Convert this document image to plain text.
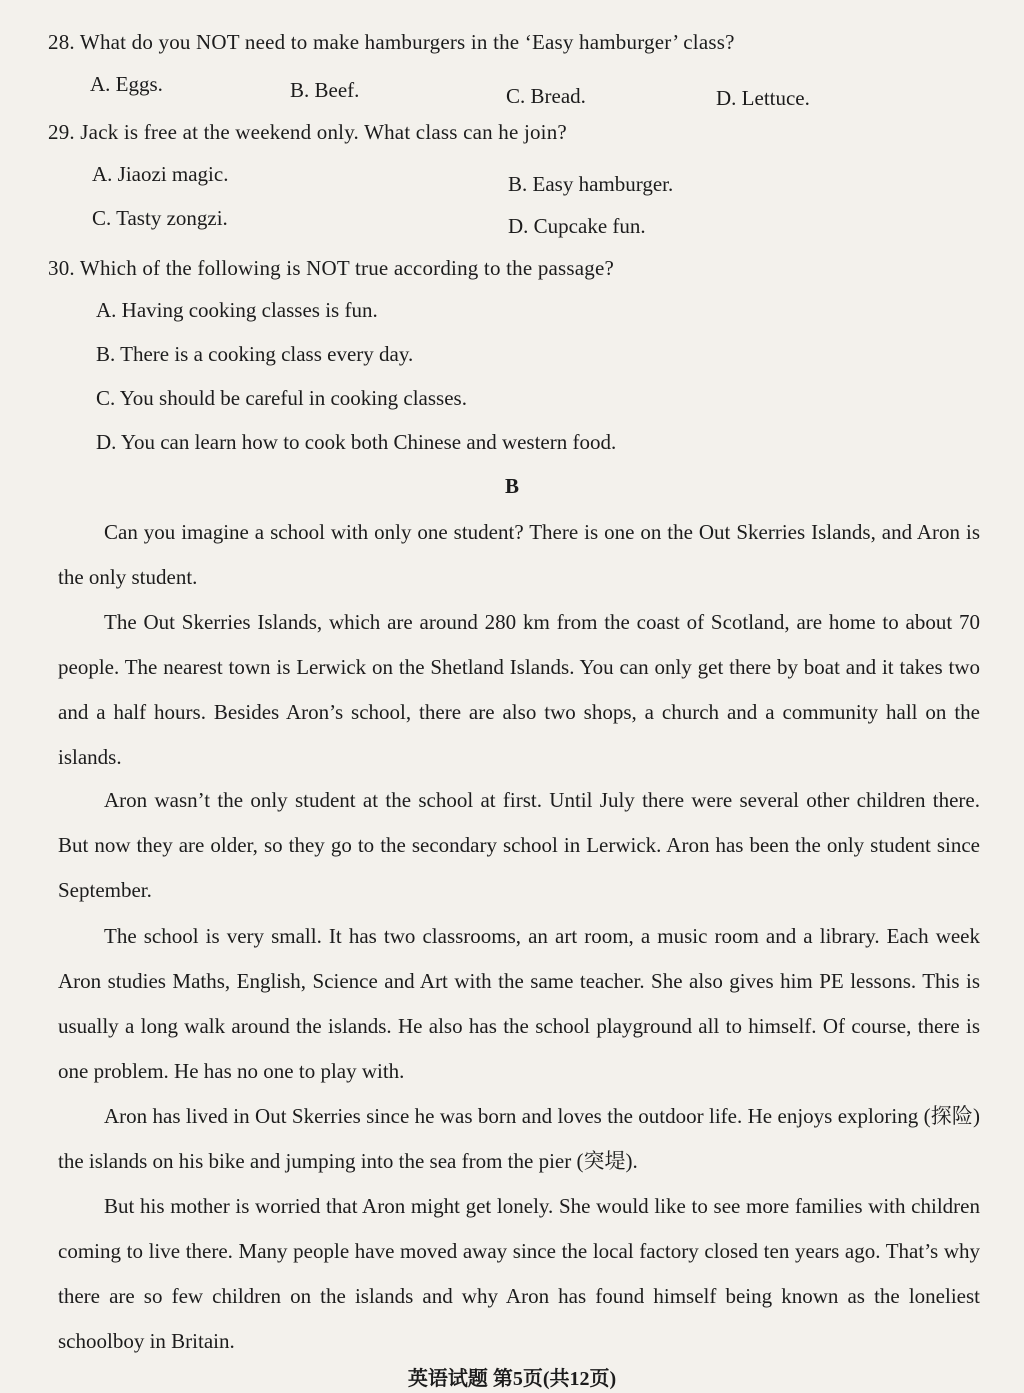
28. What do you NOT need to make hamburgers in the ‘Easy hamburger’ class?
A. Eggs.	B. Beef.	C. Bread.	D. Lettuce.
29. Jack is free at the weekend only. What class can he join?
A. Jiaozi magic.	B. Easy hamburger.
C. Tasty zongzi.	D. Cupcake fun.
30. Which of the following is NOT true according to the passage?
A. Having cooking classes is fun.
B. There is a cooking class every day.
C. You should be careful in cooking classes.
D. You can learn how to cook both Chinese and western food.
B
Can you imagine a school with only one student? There is one on the Out Skerries Islands, and Aron is the only student.
The Out Skerries Islands, which are around 280 km from the coast of Scotland, are home to about 70 people. The nearest town is Lerwick on the Shetland Islands. You can only get there by boat and it takes two and a half hours. Besides Aron’s school, there are also two shops, a church and a community hall on the islands.
Aron wasn’t the only student at the school at first. Until July there were several other children there. But now they are older, so they go to the secondary school in Lerwick. Aron has been the only student since September.
The school is very small. It has two classrooms, an art room, a music room and a library. Each week Aron studies Maths, English, Science and Art with the same teacher. She also gives him PE lessons. This is usually a long walk around the islands. He also has the school playground all to himself. Of course, there is one problem. He has no one to play with.
Aron has lived in Out Skerries since he was born and loves the outdoor life. He enjoys exploring (探险) the islands on his bike and jumping into the sea from the pier (突堤).
But his mother is worried that Aron might get lonely. She would like to see more families with children coming to live there. Many people have moved away since the local factory closed ten years ago. That’s why there are so few children on the islands and why Aron has found himself being known as the loneliest schoolboy in Britain.
英语试题 第5页(共12页)
